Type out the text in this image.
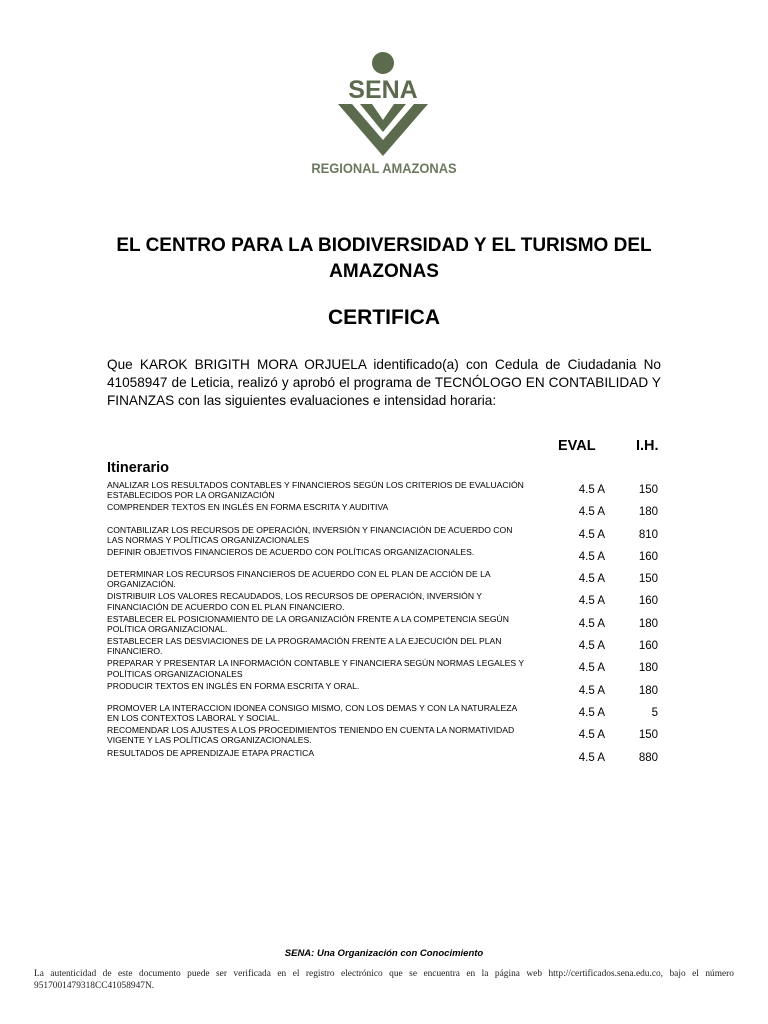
SENA
REGIONAL AMAZONAS
EL CENTRO PARA LA BIODIVERSIDAD Y EL TURISMO DEL AMAZONAS
CERTIFICA
Que KAROK BRIGITH MORA ORJUELA identificado(a) con Cedula de Ciudadania No 41058947 de Leticia, realizó y aprobó el programa de TECNÓLOGO EN CONTABILIDAD Y FINANZAS con las siguientes evaluaciones e intensidad horaria:
EVAL	I.H.
Itinerario
ANALIZAR LOS RESULTADOS CONTABLES Y FINANCIEROS SEGÚN LOS CRITERIOS DE EVALUACIÓN ESTABLECIDOS POR LA ORGANIZACIÓN	4.5 A	150
COMPRENDER TEXTOS EN INGLÉS EN FORMA ESCRITA Y AUDITIVA	4.5 A	180
CONTABILIZAR LOS RECURSOS DE OPERACIÓN, INVERSIÓN Y FINANCIACIÓN DE ACUERDO CON LAS NORMAS Y POLÍTICAS ORGANIZACIONALES	4.5 A	810
DEFINIR OBJETIVOS FINANCIEROS DE ACUERDO CON POLÍTICAS ORGANIZACIONALES.	4.5 A	160
DETERMINAR LOS RECURSOS FINANCIEROS DE ACUERDO CON EL PLAN DE ACCIÓN DE LA ORGANIZACIÓN.	4.5 A	150
DISTRIBUIR LOS VALORES RECAUDADOS, LOS RECURSOS DE OPERACIÓN, INVERSIÓN Y FINANCIACIÓN DE ACUERDO CON EL PLAN FINANCIERO.	4.5 A	160
ESTABLECER EL POSICIONAMIENTO DE LA ORGANIZACIÓN FRENTE A LA COMPETENCIA SEGÚN POLÍTICA ORGANIZACIONAL.	4.5 A	180
ESTABLECER LAS DESVIACIONES DE LA PROGRAMACIÓN FRENTE A LA EJECUCIÓN DEL PLAN FINANCIERO.	4.5 A	160
PREPARAR Y PRESENTAR LA INFORMACIÓN CONTABLE Y FINANCIERA SEGÚN NORMAS LEGALES Y POLÍTICAS ORGANIZACIONALES	4.5 A	180
PRODUCIR TEXTOS EN INGLÉS EN FORMA ESCRITA Y ORAL.	4.5 A	180
PROMOVER LA INTERACCION IDONEA CONSIGO MISMO, CON LOS DEMAS Y CON LA NATURALEZA EN LOS CONTEXTOS LABORAL Y SOCIAL.	4.5 A	5
RECOMENDAR LOS AJUSTES A LOS PROCEDIMIENTOS TENIENDO EN CUENTA LA NORMATIVIDAD VIGENTE Y LAS POLÍTICAS ORGANIZACIONALES.	4.5 A	150
RESULTADOS DE APRENDIZAJE ETAPA PRACTICA	4.5 A	880
SENA: Una Organización con Conocimiento
La autenticidad de este documento puede ser verificada en el registro electrónico que se encuentra en la página web http://certificados.sena.edu.co, bajo el número 9517001479318CC41058947N.
